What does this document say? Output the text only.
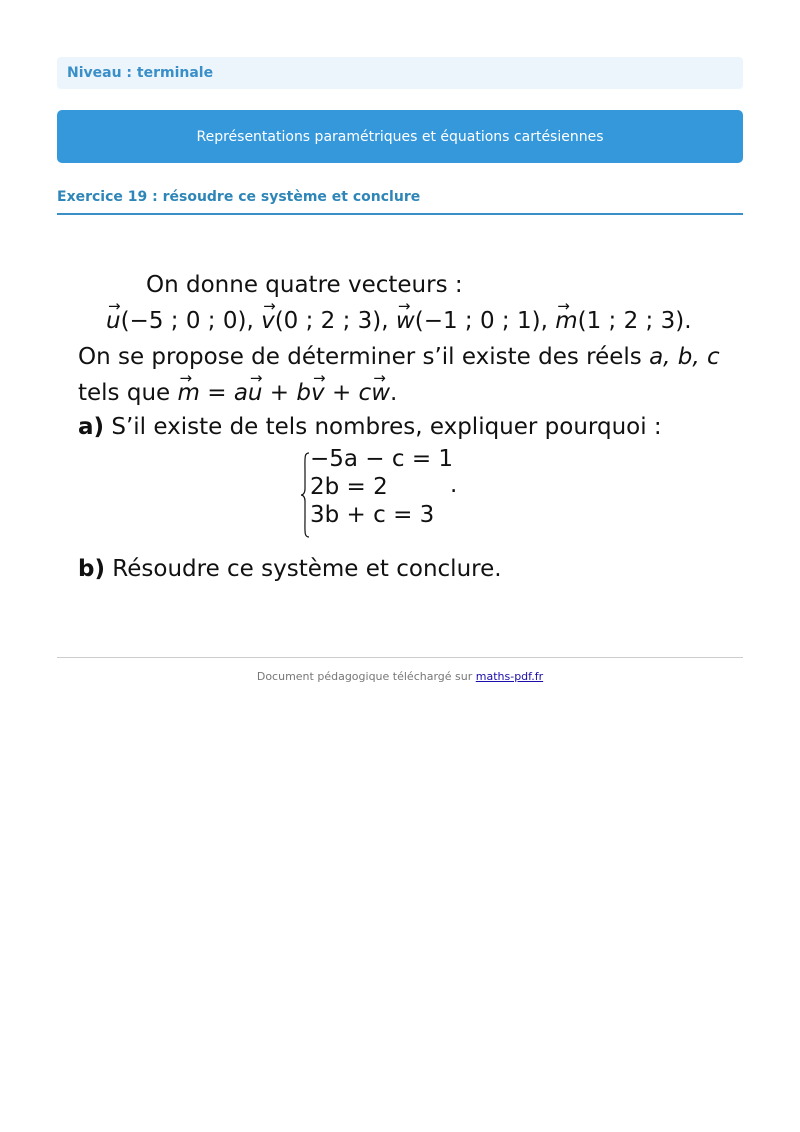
Niveau : terminale
Représentations paramétriques et équations cartésiennes
Exercice 19 : résoudre ce système et conclure
On donne quatre vecteurs :
→ u(−5 ; 0 ; 0), → v(0 ; 2 ; 3), → w(−1 ; 0 ; 1), → m(1 ; 2 ; 3).
On se propose de déterminer s’il existe des réels a, b, c
tels que → m = a→ u + b→ v + c→ w.
a) S’il existe de tels nombres, expliquer pourquoi :
−5a − c = 1
2b = 2
3b + c = 3
.
b) Résoudre ce système et conclure.
Document pédagogique téléchargé sur maths-pdf.fr
